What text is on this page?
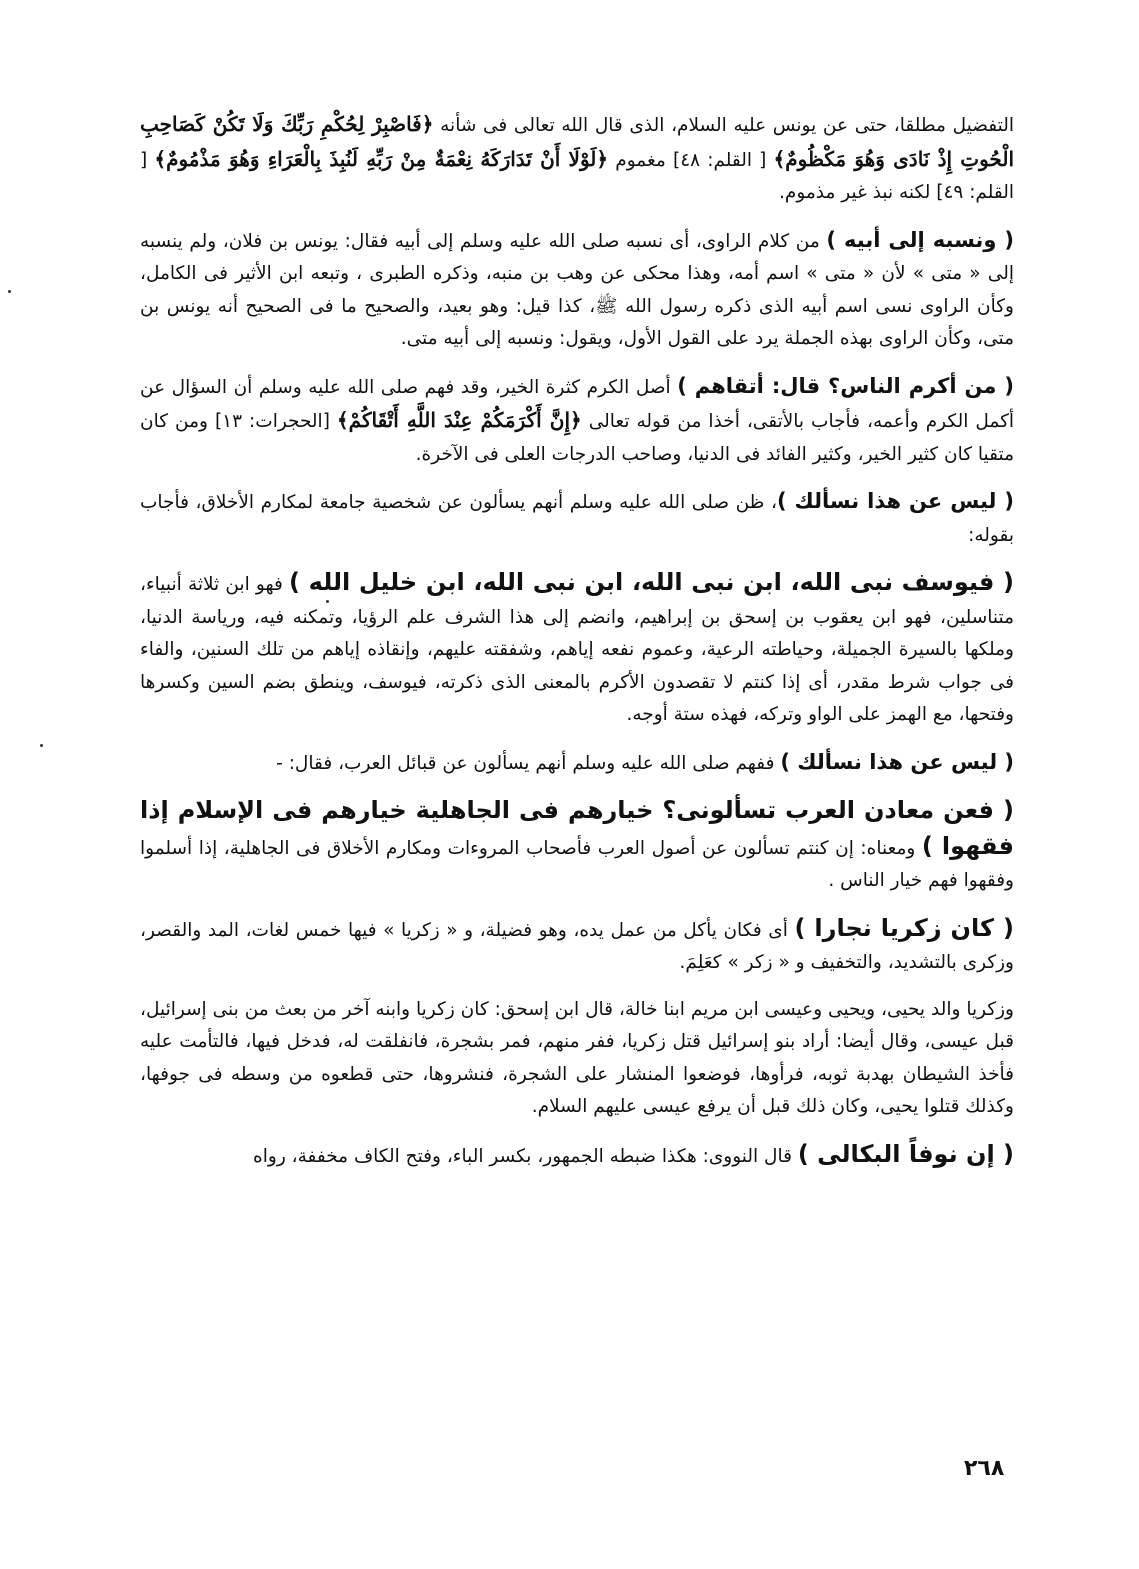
التفضيل مطلقا، حتى عن يونس عليه السلام، الذى قال الله تعالى فى شأنه ﴿فَاصْبِرْ لِحُكْمِ رَبِّكَ وَلَا تَكُنْ كَصَاحِبِ الْحُوتِ إِذْ نَادَى وَهُوَ مَكْظُومٌ﴾ [ القلم: ٤٨] مغموم ﴿لَوْلَا أَنْ تَدَارَكَهُ نِعْمَةٌ مِنْ رَبِّهِ لَنُبِذَ بِالْعَرَاءِ وَهُوَ مَذْمُومٌ﴾ [ القلم: ٤٩] لكنه نبذ غير مذموم.

( ونسبه إلى أبيه ) من كلام الراوى، أى نسبه صلى الله عليه وسلم إلى أبيه فقال: يونس بن فلان، ولم ينسبه إلى « متى » لأن « متى » اسم أمه، وهذا محكى عن وهب بن منبه، وذكره الطبرى ، وتبعه ابن الأثير فى الكامل، وكأن الراوى نسى اسم أبيه الذى ذكره رسول الله ﷺ، كذا قيل: وهو بعيد، والصحيح ما فى الصحيح أنه يونس بن متى، وكأن الراوى بهذه الجملة يرد على القول الأول، ويقول: ونسبه إلى أبيه متى.

( من أكرم الناس؟ قال: أتقاهم ) أصل الكرم كثرة الخير، وقد فهم صلى الله عليه وسلم أن السؤال عن أكمل الكرم وأعمه، فأجاب بالأتقى، أخذا من قوله تعالى ﴿إِنَّ أَكْرَمَكُمْ عِنْدَ اللَّهِ أَتْقَاكُمْ﴾ [الحجرات: ١٣] ومن كان متقيا كان كثير الخير، وكثير الفائد فى الدنيا، وصاحب الدرجات العلى فى الآخرة.

( ليس عن هذا نسألك )، ظن صلى الله عليه وسلم أنهم يسألون عن شخصية جامعة لمكارم الأخلاق، فأجاب بقوله:

( فيوسف نبى الله، ابن نبى الله، ابن نبى الله، ابن خليل الله ) فهو ابن ثلاثة أنبياء، متناسلين، فهو ابن يعقوب بن إسحق بن إبراهيم، وانضم إلى هذا الشرف علم الرؤيا، وتمكنه فيه، ورياسة الدنيا، وملكها بالسيرة الجميلة، وحياطته الرعية، وعموم نفعه إياهم، وشفقته عليهم، وإنقاذه إياهم من تلك السنين، والفاء فى جواب شرط مقدر، أى إذا كنتم لا تقصدون الأكرم بالمعنى الذى ذكرته، فيوسف، وينطق بضم السين وكسرها وفتحها، مع الهمز على الواو وتركه، فهذه ستة أوجه.

( ليس عن هذا نسألك ) ففهم صلى الله عليه وسلم أنهم يسألون عن قبائل العرب، فقال: -

( فعن معادن العرب تسألونى؟ خيارهم فى الجاهلية خيارهم فى الإسلام إذا فقهوا ) ومعناه: إن كنتم تسألون عن أصول العرب فأصحاب المروءات ومكارم الأخلاق فى الجاهلية، إذا أسلموا وفقهوا فهم خيار الناس .

( كان زكريا نجارا ) أى فكان يأكل من عمل يده، وهو فضيلة، و « زكريا » فيها خمس لغات، المد والقصر، وزكرى بالتشديد، والتخفيف و « زكر » كعَلِمَ.

وزكريا والد يحيى، ويحيى وعيسى ابن مريم ابنا خالة، قال ابن إسحق: كان زكريا وابنه آخر من بعث من بنى إسرائيل، قبل عيسى، وقال أيضا: أراد بنو إسرائيل قتل زكريا، ففر منهم، فمر بشجرة، فانفلقت له، فدخل فيها، فالتأمت عليه فأخذ الشيطان بهدبة ثوبه، فرأوها، فوضعوا المنشار على الشجرة، فنشروها، حتى قطعوه من وسطه فى جوفها، وكذلك قتلوا يحيى، وكان ذلك قبل أن يرفع عيسى عليهم السلام.

( إن نوفاً البكالى ) قال النووى: هكذا ضبطه الجمهور، بكسر الباء، وفتح الكاف مخففة، رواه

٢٦٨
